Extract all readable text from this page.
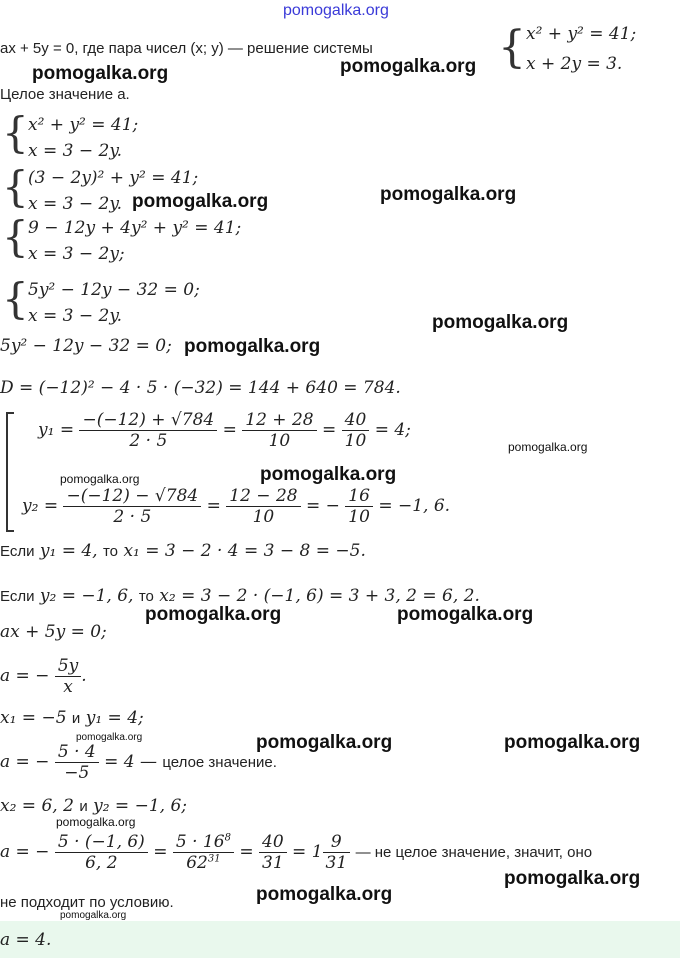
pomogalka.org
ax + 5y = 0, где пара чисел (x; y) — решение системы	{ x² + y² = 41;
x + 2y = 3.
Целое значение a.
pomogalka.org	pomogalka.org
{ x² + y² = 41;
x = 3 − 2y.
{ (3 − 2y)² + y² = 41;
x = 3 − 2y. pomogalka.org	pomogalka.org
{ 9 − 12y + 4y² + y² = 41;
x = 3 − 2y;
{ 5y² − 12y − 32 = 0;
x = 3 − 2y.	pomogalka.org
5y² − 12y − 32 = 0; pomogalka.org
D = (−12)² − 4 · 5 · (−32) = 144 + 640 = 784.
$y_1 = \frac{-(-12) + √784}{2 \cdot 5} = \frac{12 + 28}{10} = \frac{40}{10} = 4$;
pomogalka.org
pomogalka.org	pomogalka.org
$y_2 = \frac{-(-12) - √784}{2 \cdot 5} = \frac{12 - 28}{10}$ = − $\frac{16}{10} = -1$, 6.
Если y₁ = 4, то x₁ = 3 − 2 · 4 = 3 − 8 = −5.
Если y₂ = −1, 6, то x₂ = 3 − 2 · (−1, 6) = 3 + 3, 2 = 6, 2.
pomogalka.org	pomogalka.org
ax + 5y = 0;
a = − $\frac{5y}{x}$ .
x₁ = −5 и y₁ = 4;
pomogalka.org	pomogalka.org	pomogalka.org
a = − $\frac{5 \cdot 4}{-5} = 4$ — целое значение.
x₂ = 6, 2 и y₂ = −1, 6;
pomogalka.org
a = − $\frac{5 \cdot (-1, 6)}{6, 2} = \frac{5 \cdot 16^8}{62^{31}} = \frac{40}{31} = 1 \frac{9}{31}$ — не целое значение, значит, оно
pomogalka.org
не подходит по условию.	pomogalka.org
pomogalka.org
a = 4.
